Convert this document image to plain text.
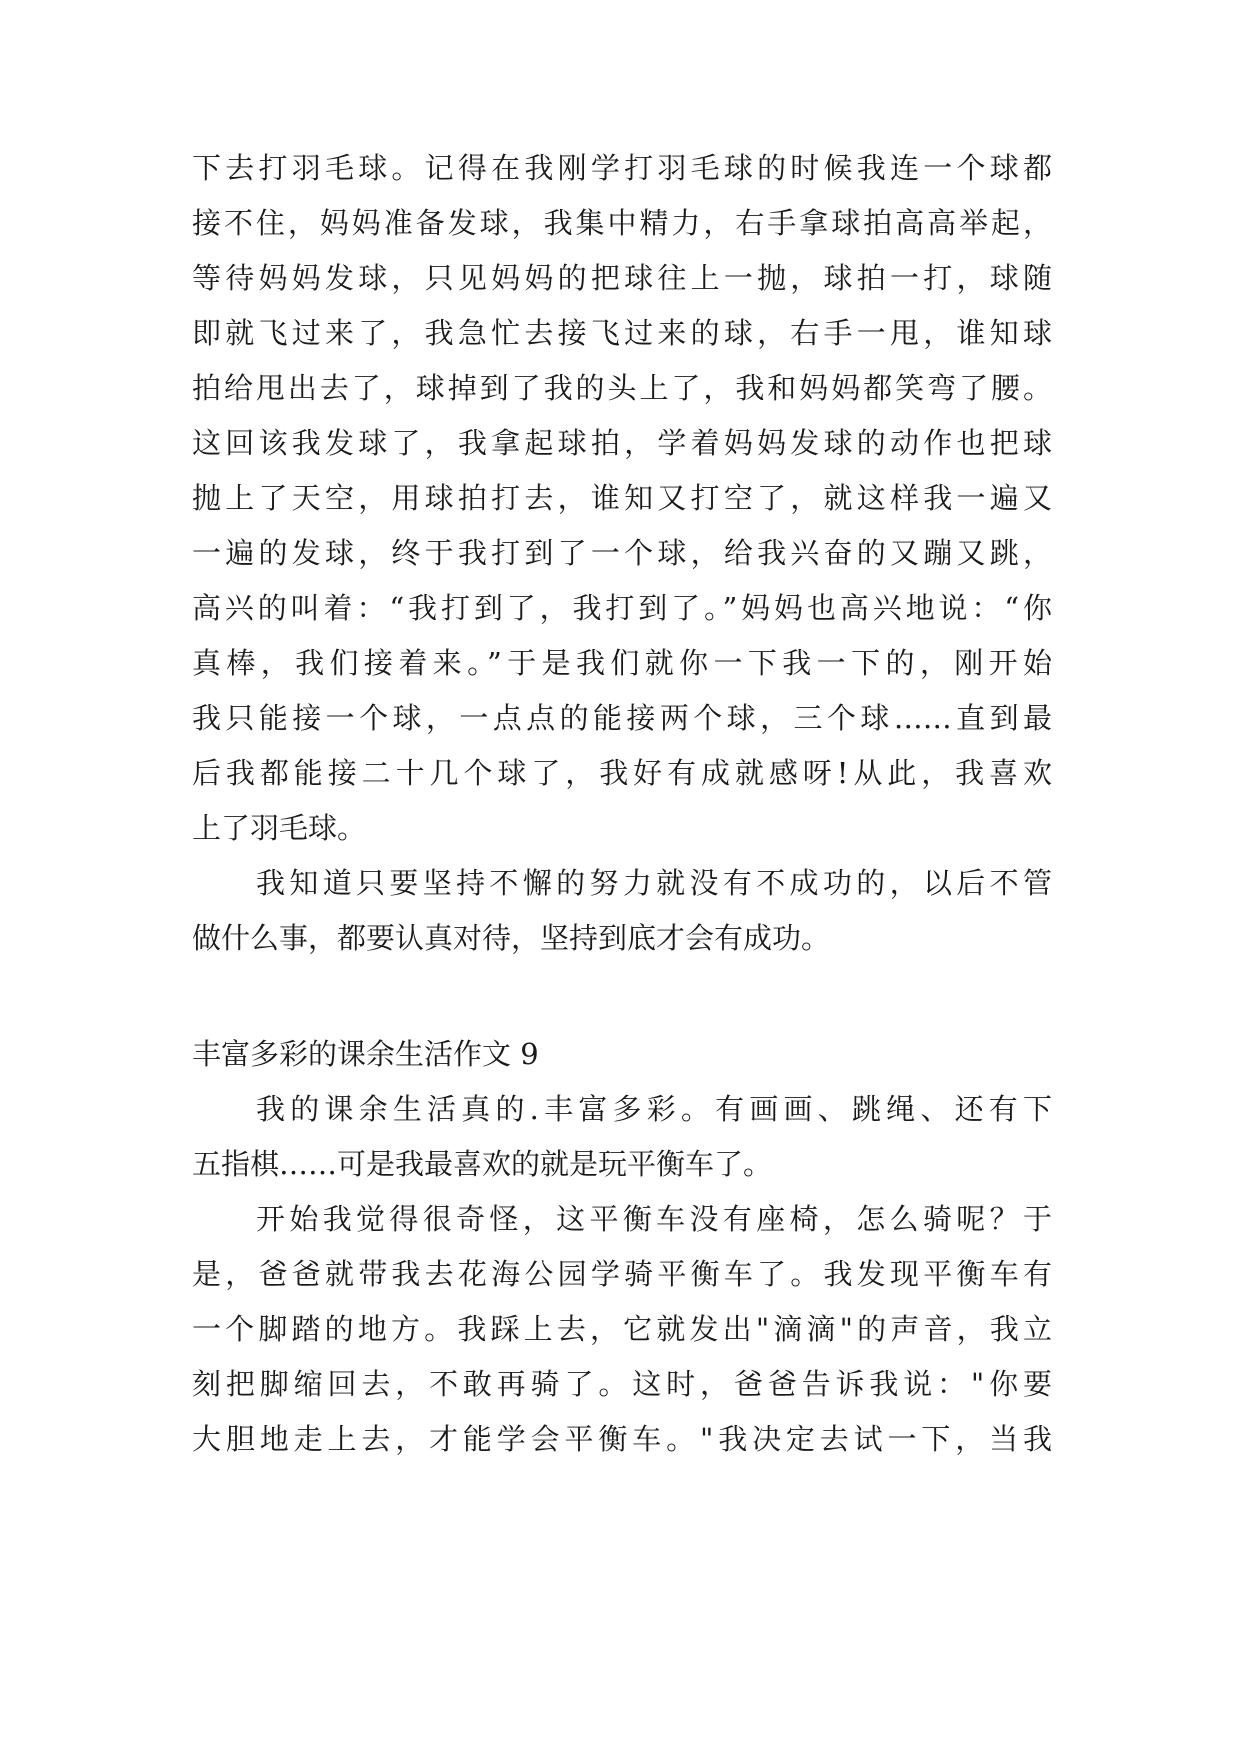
下去打羽毛球。记得在我刚学打羽毛球的时候我连一个球都
接不住，妈妈准备发球，我集中精力，右手拿球拍高高举起，
等待妈妈发球，只见妈妈的把球往上一抛，球拍一打，球随
即就飞过来了，我急忙去接飞过来的球，右手一甩，谁知球
拍给甩出去了，球掉到了我的头上了，我和妈妈都笑弯了腰。
这回该我发球了，我拿起球拍，学着妈妈发球的动作也把球
抛上了天空，用球拍打去，谁知又打空了，就这样我一遍又
一遍的发球，终于我打到了一个球，给我兴奋的又蹦又跳，
高兴的叫着：“我打到了，我打到了。”妈妈也高兴地说：“你
真棒，我们接着来。”于是我们就你一下我一下的，刚开始
我只能接一个球，一点点的能接两个球，三个球……直到最
后我都能接二十几个球了，我好有成就感呀!从此，我喜欢
上了羽毛球。
我知道只要坚持不懈的努力就没有不成功的，以后不管
做什么事，都要认真对待，坚持到底才会有成功。
丰富多彩的课余生活作文 9
我的课余生活真的.丰富多彩。有画画、跳绳、还有下
五指棋……可是我最喜欢的就是玩平衡车了。
开始我觉得很奇怪，这平衡车没有座椅，怎么骑呢？于
是，爸爸就带我去花海公园学骑平衡车了。我发现平衡车有
一个脚踏的地方。我踩上去，它就发出"滴滴"的声音，我立
刻把脚缩回去，不敢再骑了。这时，爸爸告诉我说："你要
大胆地走上去，才能学会平衡车。"我决定去试一下，当我
